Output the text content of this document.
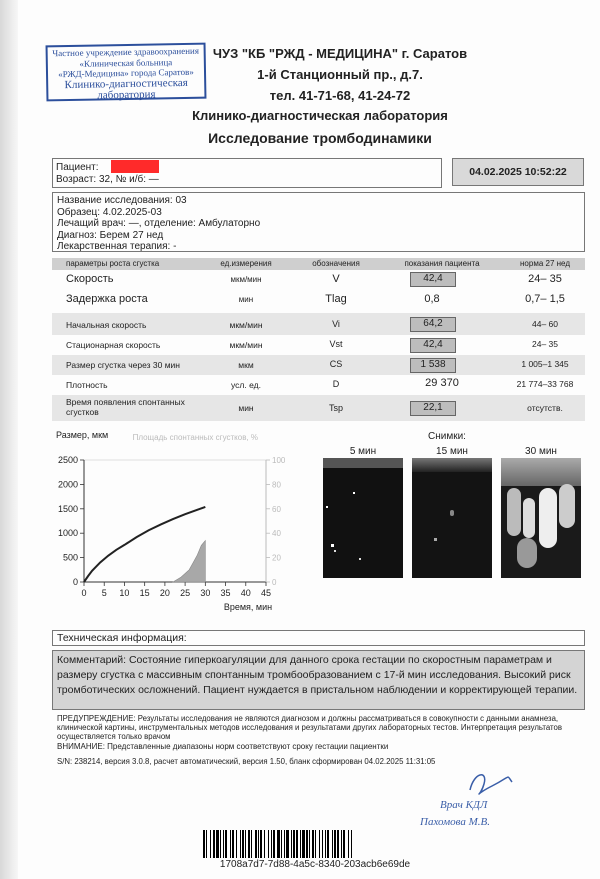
Частное учреждение здравоохранения
«Клиническая больница
«РЖД-Медицина» города Саратов»
Клинико-диагностическая
лаборатория
ЧУЗ "КБ "РЖД - МЕДИЦИНА" г. Саратов
1-й Станционный пр., д.7.
тел. 41-71-68, 41-24-72
Клинико-диагностическая лаборатория
Исследование тромбодинамики
Пациент:
Возраст: 32, № и/б: —
04.02.2025 10:52:22
Название исследования: 03
Образец: 4.02.2025-03
Лечащий врач: —, отделение: Амбулаторно
Диагноз: Берем 27 нед
Лекарственная терапия: -
параметры роста сгустка	ед.измерения	обозначения	показания пациента	норма 27 нед
Скорость	мкм/мин	V	42,4	24– 35
Задержка роста	мин	Tlag	0,8	0,7– 1,5
Начальная скорость	мкм/мин	Vi	64,2	44– 60
Стационарная скорость	мкм/мин	Vst	42,4	24– 35
Размер сгустка через 30 мин	мкм	CS	1 538	1 005–1 345
Плотность	усл. ед.	D	29 370	21 774–33 768
Время появления спонтанных сгустков	мин	Tsp	22,1	отсутств.
0
500
1000
1500
2000
2500
0
20
40
60
80
100
0 5 10 15 20 25 30 35 40 45
Размер, мкм	Площадь спонтанных сгустков, %
Время, мин
Снимки:
5 мин	15 мин	30 мин
Техническая информация:
Комментарий: Состояние гиперкоагуляции для данного срока гестации по скоростным параметрам и размеру сгустка с массивным спонтанным тромбообразованием с 17-й мин исследования. Высокий риск тромботических осложнений. Пациент нуждается в пристальном наблюдении и корректирующей терапии.
ПРЕДУПРЕЖДЕНИЕ: Результаты исследования не являются диагнозом и должны рассматриваться в совокупности с данными анамнеза, клинической картины, инструментальных методов исследования и результатами других лабораторных тестов. Интерпретация результатов осуществляется только врачом
ВНИМАНИЕ: Представленные диапазоны норм соответствуют сроку гестации пациентки
S/N: 238214, версия 3.0.8, расчет автоматический, версия 1.50, бланк сформирован 04.02.2025 11:31:05
Врач КДЛ
Пахомова М.В.
1708a7d7-7d88-4a5c-8340-203acb6e69de
